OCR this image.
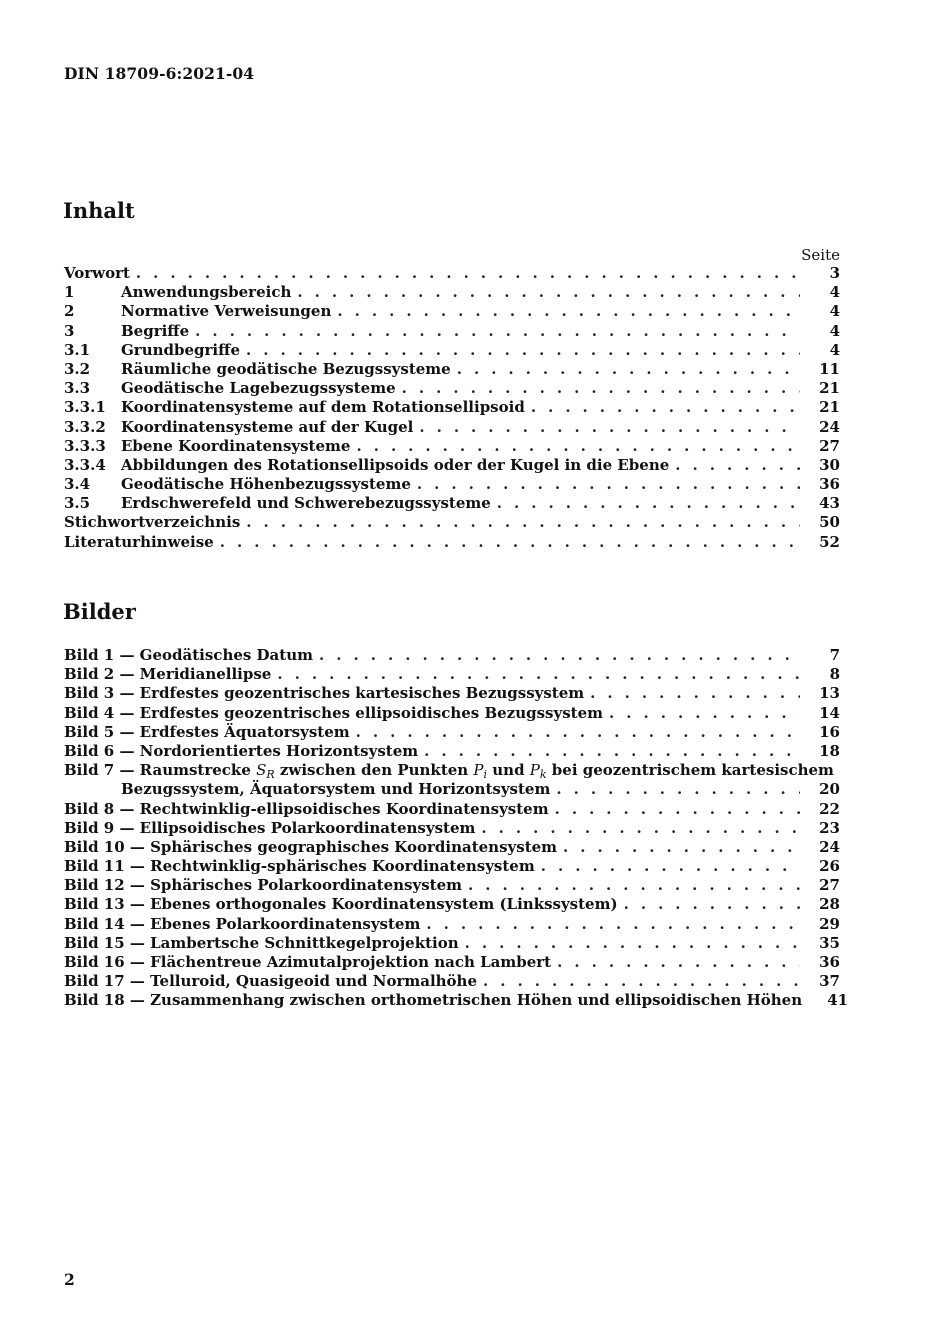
DIN 18709-6:2021-04
Inhalt
Seite
Vorwort . . .	3
1	Anwendungsbereich . . .	4
2	Normative Verweisungen . . .	4
3	Begriffe . . .	4
3.1	Grundbegriffe . . .	4
3.2	Räumliche geodätische Bezugssysteme . . .	11
3.3	Geodätische Lagebezugssysteme . . .	21
3.3.1	Koordinatensysteme auf dem Rotationsellipsoid . . .	21
3.3.2	Koordinatensysteme auf der Kugel . . .	24
3.3.3	Ebene Koordinatensysteme . . .	27
3.3.4	Abbildungen des Rotationsellipsoids oder der Kugel in die Ebene . . .	30
3.4	Geodätische Höhenbezugssysteme . . .	36
3.5	Erdschwerefeld und Schwerebezugssysteme . . .	43
Stichwortverzeichnis . . .	50
Literaturhinweise . . .	52
Bilder
Bild 1 — Geodätisches Datum . . .	7
Bild 2 — Meridianellipse . . .	8
Bild 3 — Erdfestes geozentrisches kartesisches Bezugssystem . . .	13
Bild 4 — Erdfestes geozentrisches ellipsoidisches Bezugssystem . . .	14
Bild 5 — Erdfestes Äquatorsystem . . .	16
Bild 6 — Nordorientiertes Horizontsystem . . .	18
Bild 7 — Raumstrecke $S_R$ zwischen den Punkten $P_i$ und $P_k$ bei geozentrischem kartesischem
Bezugssystem, Äquatorsystem und Horizontsystem . . .	20
Bild 8 — Rechtwinklig-ellipsoidisches Koordinatensystem . . .	22
Bild 9 — Ellipsoidisches Polarkoordinatensystem . . .	23
Bild 10 — Sphärisches geographisches Koordinatensystem . . .	24
Bild 11 — Rechtwinklig-sphärisches Koordinatensystem . . .	26
Bild 12 — Sphärisches Polarkoordinatensystem . . .	27
Bild 13 — Ebenes orthogonales Koordinatensystem (Linkssystem) . . .	28
Bild 14 — Ebenes Polarkoordinatensystem . . .	29
Bild 15 — Lambertsche Schnittkegelprojektion . . .	35
Bild 16 — Flächentreue Azimutalprojektion nach Lambert . . .	36
Bild 17 — Telluroid, Quasigeoid und Normalhöhe . . .	37
Bild 18 — Zusammenhang zwischen orthometrischen Höhen und ellipsoidischen Höhen	41
2
